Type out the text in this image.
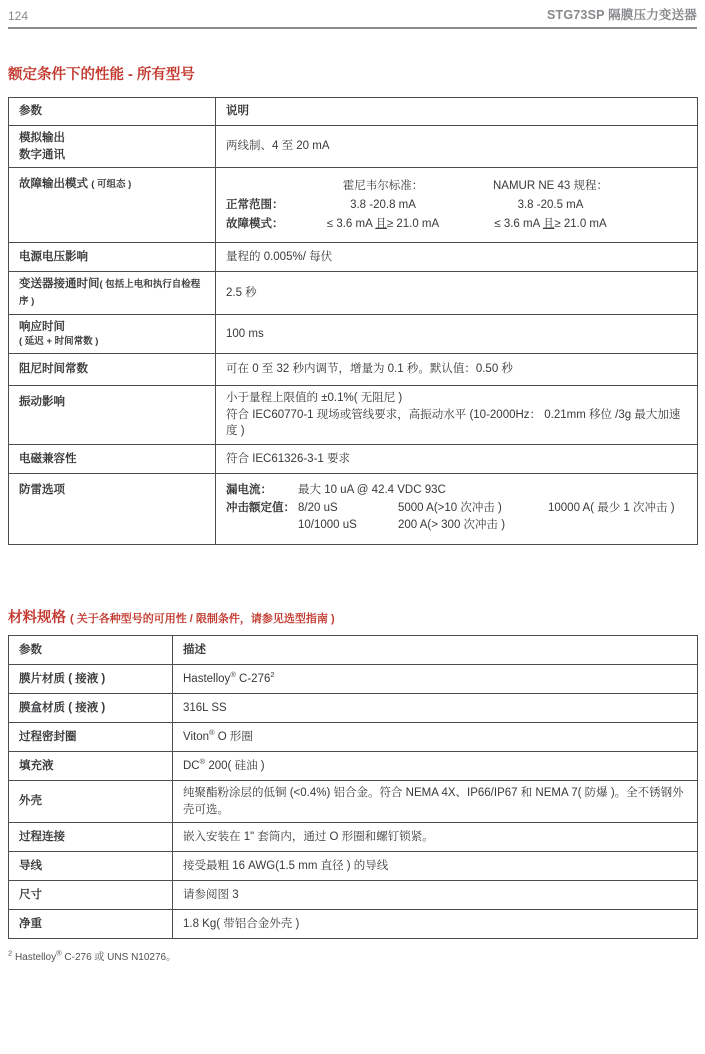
124	STG73SP 隔膜压力变送器
额定条件下的性能 - 所有型号
参数	说明

模拟输出
数字通讯	两线制、4 至 20 mA
故障输出模式 ( 可组态 )	霍尼韦尔标准：	NAMUR NE 43 规程：
正常范围：	3.8 -20.8 mA	3.8 -20.5 mA
故障模式：	≤ 3.6 mA 且≥ 21.0 mA	≤ 3.6 mA 且≥ 21.0 mA

电源电压影响	量程的 0.005%/ 每伏
变送器接通时间( 包括上电和执行自检程序 )	2.5 秒

响应时间
( 延迟 + 时间常数 )	100 ms
阻尼时间常数	可在 0 至 32 秒内调节，增量为 0.1 秒。默认值：0.50 秒
振动影响	小于量程上限值的 ±0.1%( 无阻尼 )
符合 IEC60770-1 现场或管线要求，高振动水平 (10-2000Hz： 0.21mm 移位 /3g 最大加速度 )

电磁兼容性	符合 IEC61326-3-1 要求
防雷选项	漏电流：	最大 10 uA @ 42.4 VDC 93C
冲击额定值： 8/20 uS	5000 A(>10 次冲击 )	10000 A( 最少 1 次冲击 )
10/1000 uS	200 A(> 300 次冲击 )
材料规格 ( 关于各种型号的可用性 / 限制条件，请参见选型指南 )
参数	描述
膜片材质 ( 接液 )	Hastelloy® $C-276^2$
膜盒材质 ( 接液 )	316L SS
过程密封圈	Viton® O 形圈
填充液	DC® 200( 硅油 )
外壳	纯聚酯粉涂层的低铜 (<0.4%) 铝合金。符合 NEMA 4X、IP66/IP67 和 NEMA 7( 防爆 )。全不锈钢外壳可选。
过程连接	嵌入安装在 1" 套筒内，通过 O 形圈和螺钉锁紧。
导线	接受最粗 16 AWG(1.5 mm 直径 ) 的导线
尺寸	请参阅图 3
净重	1.8 Kg( 带铝合金外壳 )
$^2$ Hastelloy® C-276 或 UNS N10276。
